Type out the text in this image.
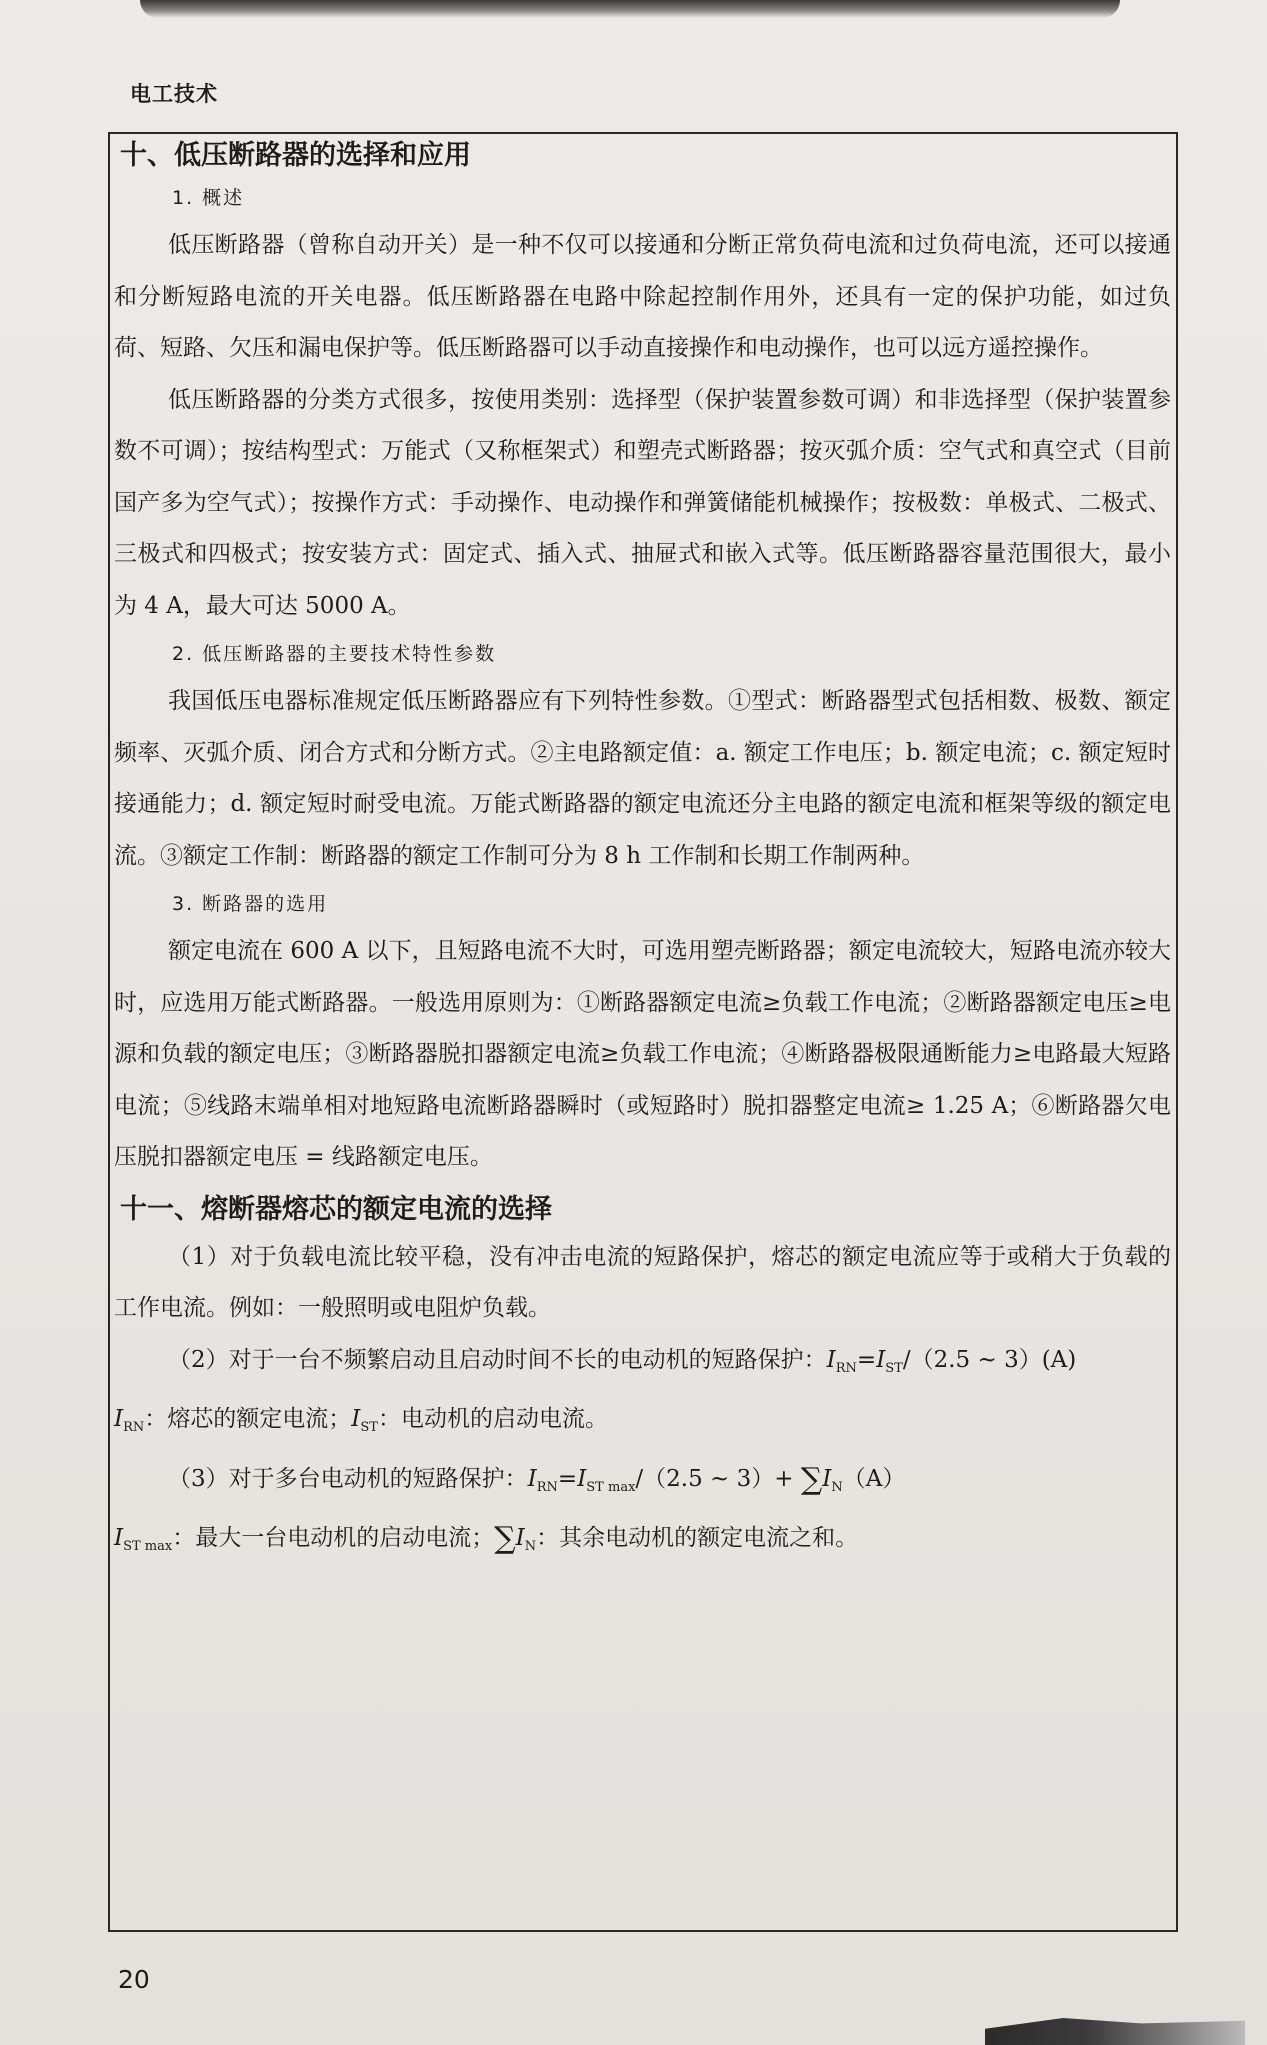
电工技术
十、低压断路器的选择和应用
1. 概述

低压断路器（曾称自动开关）是一种不仅可以接通和分断正常负荷电流和过负荷电流，还可以接通和分断短路电流的开关电器。低压断路器在电路中除起控制作用外，还具有一定的保护功能，如过负荷、短路、欠压和漏电保护等。低压断路器可以手动直接操作和电动操作，也可以远方遥控操作。

低压断路器的分类方式很多，按使用类别：选择型（保护装置参数可调）和非选择型（保护装置参数不可调）；按结构型式：万能式（又称框架式）和塑壳式断路器；按灭弧介质：空气式和真空式（目前国产多为空气式）；按操作方式：手动操作、电动操作和弹簧储能机械操作；按极数：单极式、二极式、三极式和四极式；按安装方式：固定式、插入式、抽屉式和嵌入式等。低压断路器容量范围很大，最小为 4 A，最大可达 5000 A。

2. 低压断路器的主要技术特性参数

我国低压电器标准规定低压断路器应有下列特性参数。①型式：断路器型式包括相数、极数、额定频率、灭弧介质、闭合方式和分断方式。②主电路额定值：a. 额定工作电压；b. 额定电流；c. 额定短时接通能力；d. 额定短时耐受电流。万能式断路器的额定电流还分主电路的额定电流和框架等级的额定电流。③额定工作制：断路器的额定工作制可分为 8 h 工作制和长期工作制两种。

3. 断路器的选用

额定电流在 600 A 以下，且短路电流不大时，可选用塑壳断路器；额定电流较大，短路电流亦较大时，应选用万能式断路器。一般选用原则为：①断路器额定电流≥负载工作电流；②断路器额定电压≥电源和负载的额定电压；③断路器脱扣器额定电流≥负载工作电流；④断路器极限通断能力≥电路最大短路电流；⑤线路末端单相对地短路电流断路器瞬时（或短路时）脱扣器整定电流≥ 1.25 A；⑥断路器欠电压脱扣器额定电压 = 线路额定电压。

十一、熔断器熔芯的额定电流的选择

（1）对于负载电流比较平稳，没有冲击电流的短路保护，熔芯的额定电流应等于或稍大于负载的工作电流。例如：一般照明或电阻炉负载。

（2）对于一台不频繁启动且启动时间不长的电动机的短路保护：$I_{RN}=I_{ST}/(2.5$ ~ 3）(A)

$I_{RN}$：熔芯的额定电流；$I_{ST}$：电动机的启动电流。

（3）对于多台电动机的短路保护：$I_{RN}=I_{ST max}/(2.5$ ~ $3)+ \sum I_N(A)$

$I_{ST max}$：最大一台电动机的启动电流；$\sum I_N$：其余电动机的额定电流之和。

20
